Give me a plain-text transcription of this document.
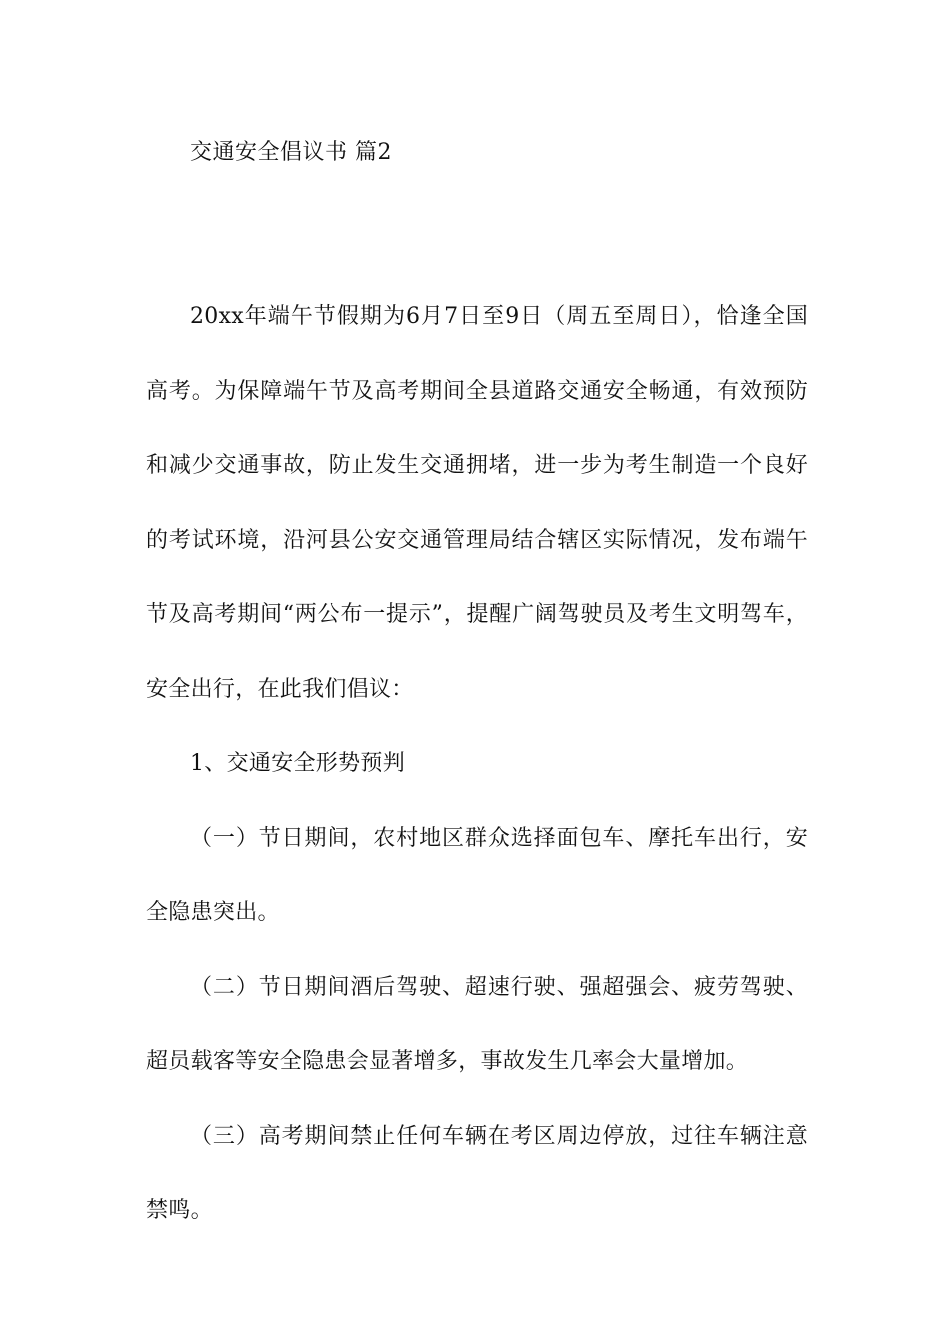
交通安全倡议书 篇2

20xx年端午节假期为6月7日至9日（周五至周日），恰逢全国高考。为保障端午节及高考期间全县道路交通安全畅通，有效预防和减少交通事故，防止发生交通拥堵，进一步为考生制造一个良好的考试环境，沿河县公安交通管理局结合辖区实际情况，发布端午节及高考期间“两公布一提示”，提醒广阔驾驶员及考生文明驾车，安全出行，在此我们倡议：

1、交通安全形势预判

（一）节日期间，农村地区群众选择面包车、摩托车出行，安全隐患突出。

（二）节日期间酒后驾驶、超速行驶、强超强会、疲劳驾驶、超员载客等安全隐患会显著增多，事故发生几率会大量增加。

（三）高考期间禁止任何车辆在考区周边停放，过往车辆注意禁鸣。
